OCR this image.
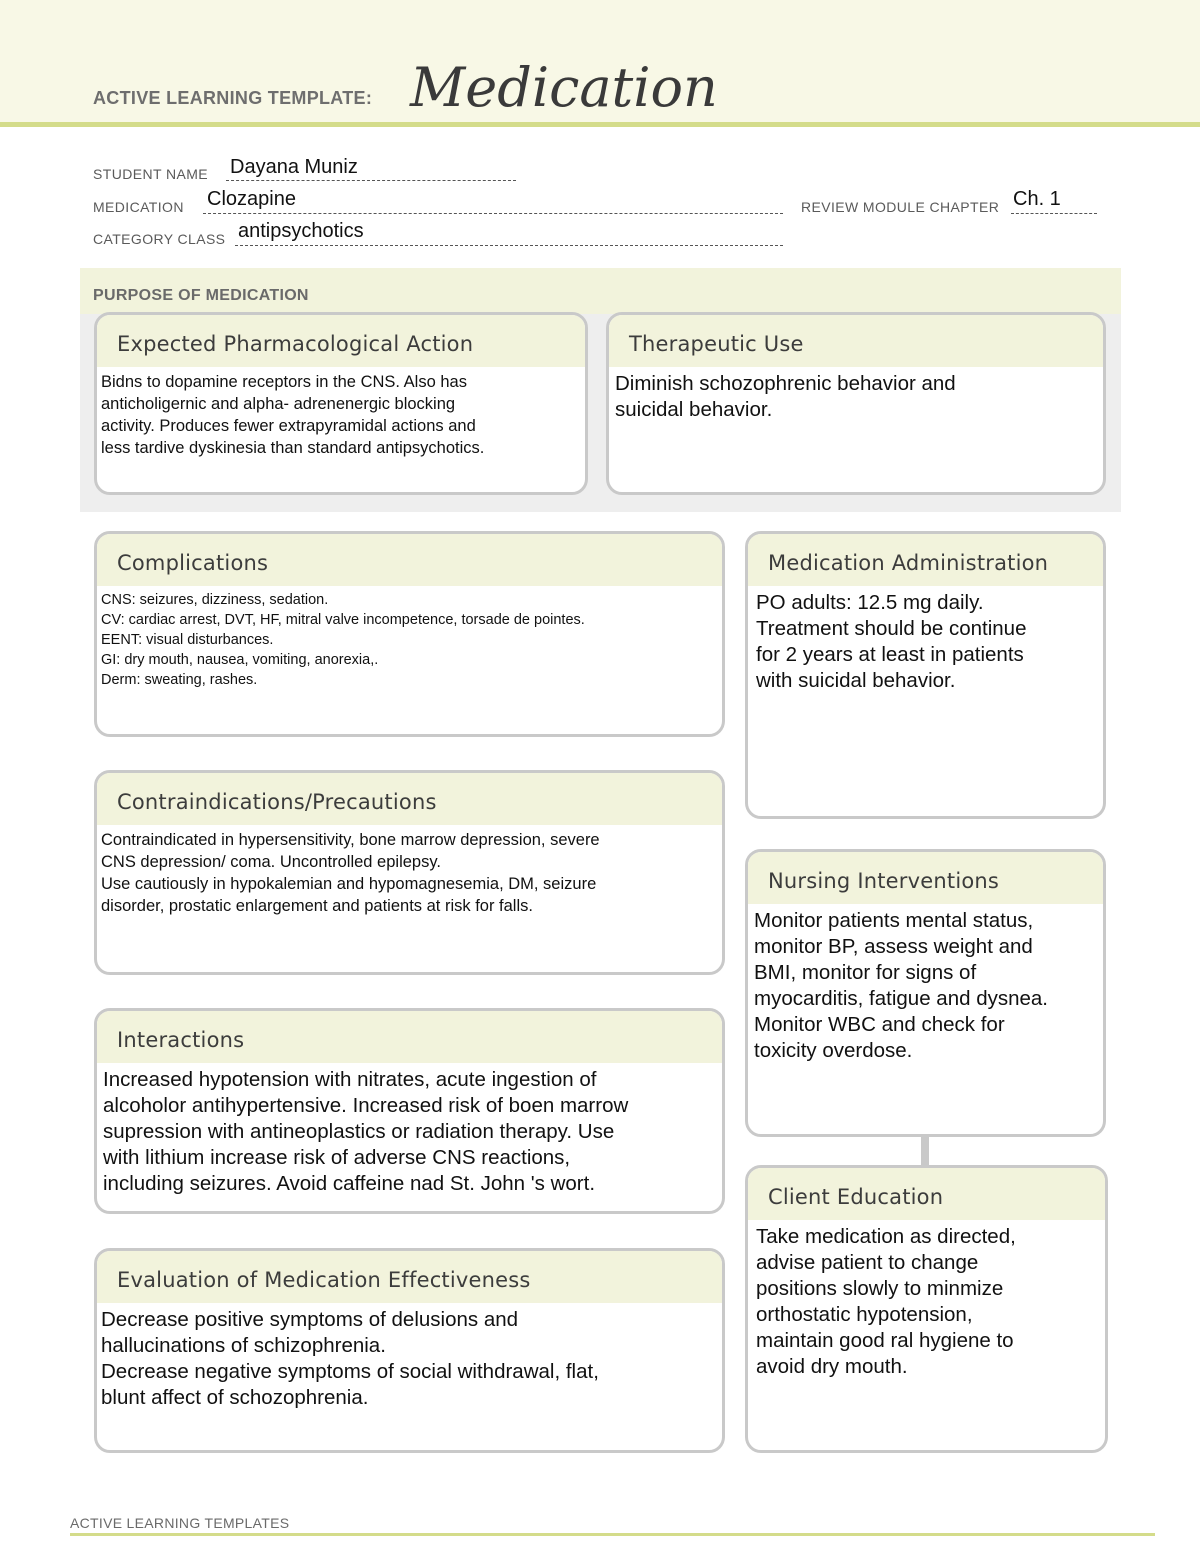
ACTIVE LEARNING TEMPLATE: Medication
STUDENT NAME Dayana Muniz
MEDICATION Clozapine	REVIEW MODULE CHAPTER Ch. 1
CATEGORY CLASS antipsychotics
PURPOSE OF MEDICATION
Expected Pharmacological Action
Bidns to dopamine receptors in the CNS. Also has
anticholigernic and alpha- adrenenergic blocking
activity. Produces fewer extrapyramidal actions and
less tardive dyskinesia than standard antipsychotics.
Therapeutic Use
Diminish schozophrenic behavior and
suicidal behavior.
Complications
CNS: seizures, dizziness, sedation.
CV: cardiac arrest, DVT, HF, mitral valve incompetence, torsade de pointes.
EENT: visual disturbances.
GI: dry mouth, nausea, vomiting, anorexia,.
Derm: sweating, rashes.
Contraindications/Precautions
Contraindicated in hypersensitivity, bone marrow depression, severe
CNS depression/ coma. Uncontrolled epilepsy.
Use cautiously in hypokalemian and hypomagnesemia, DM, seizure
disorder, prostatic enlargement and patients at risk for falls.
Interactions
Increased hypotension with nitrates, acute ingestion of
alcoholor antihypertensive. Increased risk of boen marrow
supression with antineoplastics or radiation therapy. Use
with lithium increase risk of adverse CNS reactions,
including seizures. Avoid caffeine nad St. John 's wort.
Evaluation of Medication Effectiveness
Decrease positive symptoms of delusions and
hallucinations of schizophrenia.
Decrease negative symptoms of social withdrawal, flat,
blunt affect of schozophrenia.
Medication Administration
PO adults: 12.5 mg daily.
Treatment should be continue
for 2 years at least in patients
with suicidal behavior.
Nursing Interventions
Monitor patients mental status,
monitor BP, assess weight and
BMI, monitor for signs of
myocarditis, fatigue and dysnea.
Monitor WBC and check for
toxicity overdose.
Client Education
Take medication as directed,
advise patient to change
positions slowly to minmize
orthostatic hypotension,
maintain good ral hygiene to
avoid dry mouth.
ACTIVE LEARNING TEMPLATES
